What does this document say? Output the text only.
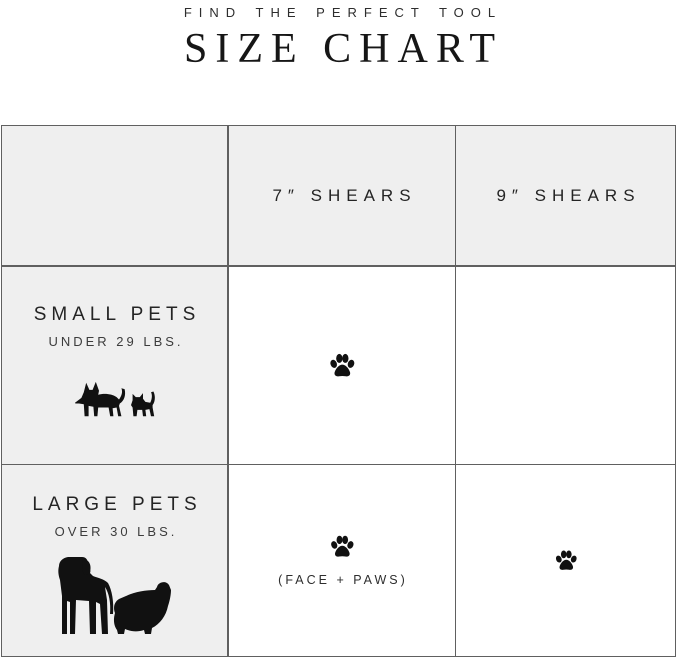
FIND THE PERFECT TOOL
SIZE CHART
7″ SHEARS	9″ SHEARS
SMALL PETS
UNDER 29 LBS.
LARGE PETS
OVER 30 LBS.
(FACE + PAWS)
